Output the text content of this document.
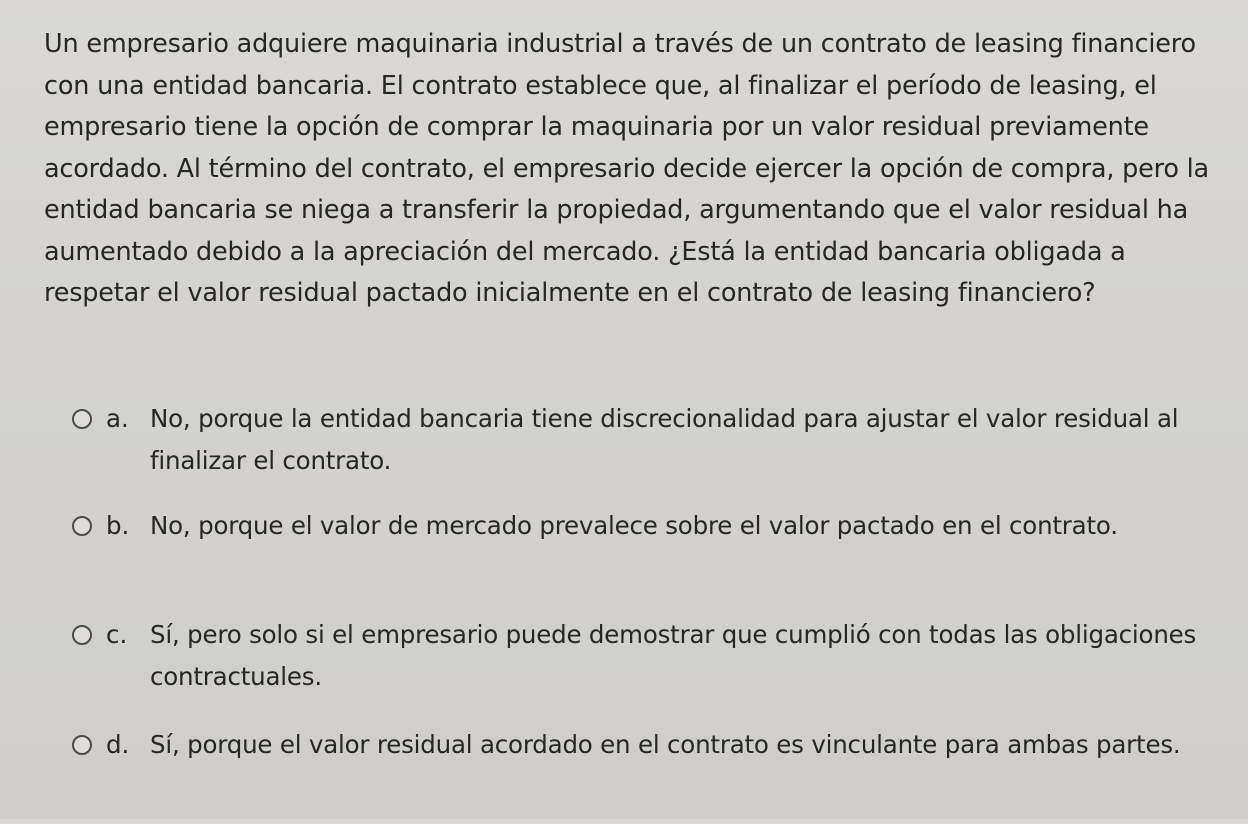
Un empresario adquiere maquinaria industrial a través de un contrato de leasing financiero con una entidad bancaria. El contrato establece que, al finalizar el período de leasing, el empresario tiene la opción de comprar la maquinaria por un valor residual previamente acordado. Al término del contrato, el empresario decide ejercer la opción de compra, pero la entidad bancaria se niega a transferir la propiedad, argumentando que el valor residual ha aumentado debido a la apreciación del mercado. ¿Está la entidad bancaria obligada a respetar el valor residual pactado inicialmente en el contrato de leasing financiero?

a. No, porque la entidad bancaria tiene discrecionalidad para ajustar el valor residual al finalizar el contrato.
b. No, porque el valor de mercado prevalece sobre el valor pactado en el contrato.
c. Sí, pero solo si el empresario puede demostrar que cumplió con todas las obligaciones contractuales.
d. Sí, porque el valor residual acordado en el contrato es vinculante para ambas partes.
